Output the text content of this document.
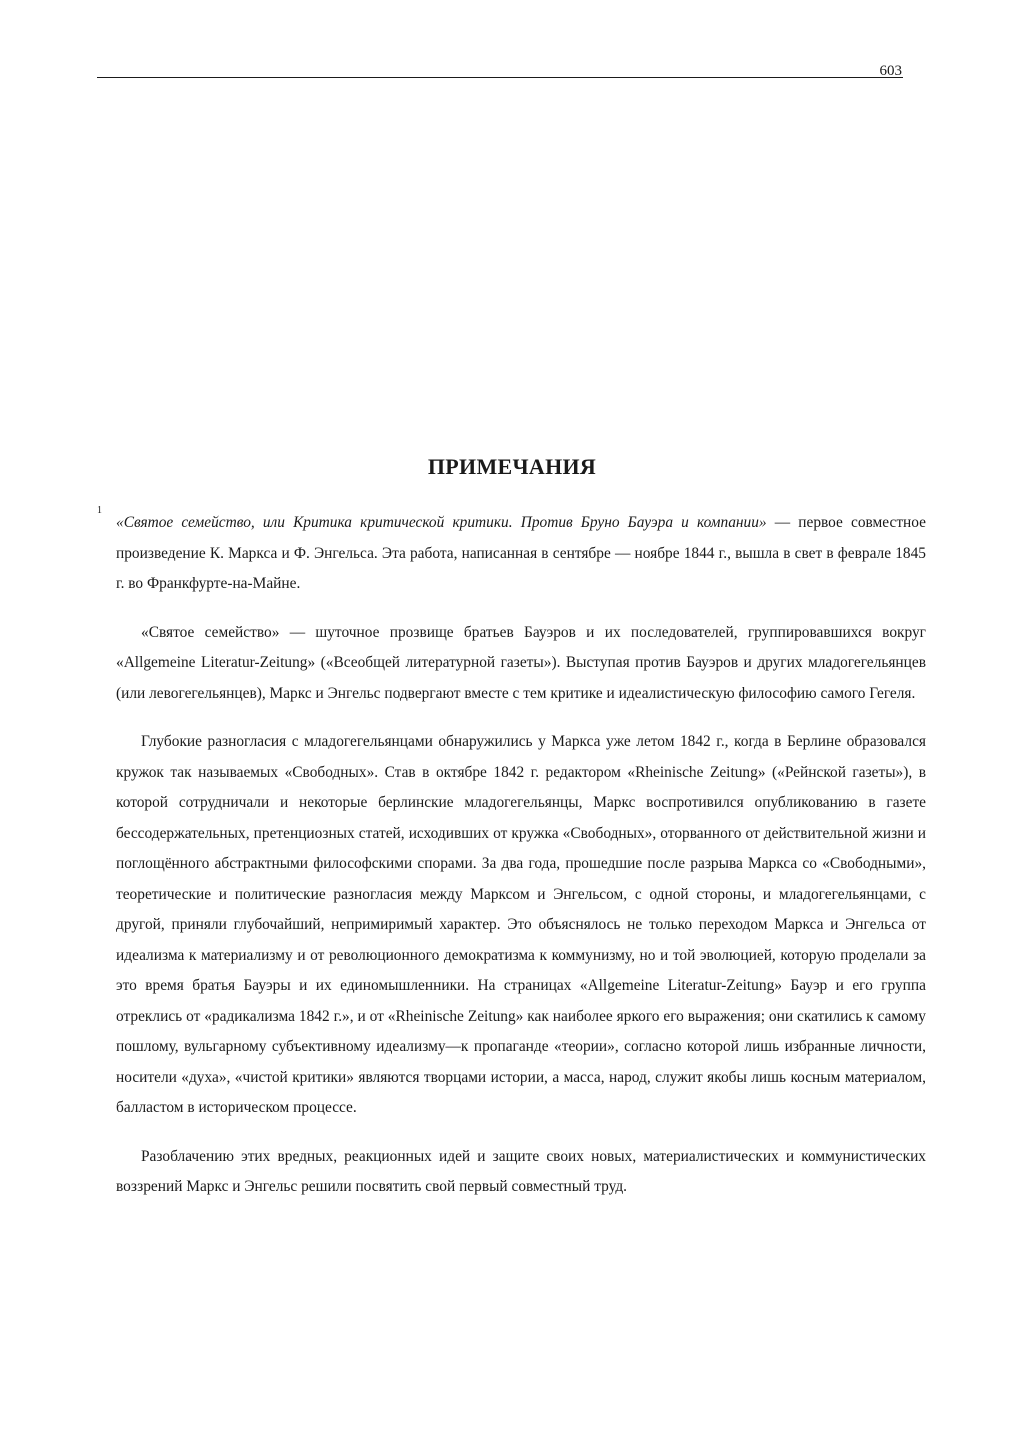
603
ПРИМЕЧАНИЯ

1
«Святое семейство, или Критика критической критики. Против Бруно Бауэра и компании» — первое совместное произведение К. Маркса и Ф. Энгельса. Эта работа, написанная в сентябре — ноябре 1844 г., вышла в свет в феврале 1845 г. во Франкфурте-на-Майне.

«Святое семейство» — шуточное прозвище братьев Бауэров и их последователей, группировавшихся вокруг «Allgemeine Literatur-Zeitung» («Всеобщей литературной газеты»). Выступая против Бауэров и других младогегельянцев (или левогегельянцев), Маркс и Энгельс подвергают вместе с тем критике и идеалистическую философию самого Гегеля.

Глубокие разногласия с младогегельянцами обнаружились у Маркса уже летом 1842 г., когда в Берлине образовался кружок так называемых «Свободных». Став в октябре 1842 г. редактором «Rheinische Zeitung» («Рейнской газеты»), в которой сотрудничали и некоторые берлинские младогегельянцы, Маркс воспротивился опубликованию в газете бессодержательных, претенциозных статей, исходивших от кружка «Свободных», оторванного от действительной жизни и поглощённого абстрактными философскими спорами. За два года, прошедшие после разрыва Маркса со «Свободными», теоретические и политические разногласия между Марксом и Энгельсом, с одной стороны, и младогегельянцами, с другой, приняли глубочайший, непримиримый характер. Это объяснялось не только переходом Маркса и Энгельса от идеализма к материализму и от революционного демократизма к коммунизму, но и той эволюцией, которую проделали за это время братья Бауэры и их единомышленники. На страницах «Allgemeine Literatur-Zeitung» Бауэр и его группа отреклись от «радикализма 1842 г.», и от «Rheinische Zeitung» как наиболее яркого его выражения; они скатились к самому пошлому, вульгарному субъективному идеализму—к пропаганде «теории», согласно которой лишь избранные личности, носители «духа», «чистой критики» являются творцами истории, а масса, народ, служит якобы лишь косным материалом, балластом в историческом процессе.

Разоблачению этих вредных, реакционных идей и защите своих новых, материалистических и коммунистических воззрений Маркс и Энгельс решили посвятить свой первый совместный труд.
